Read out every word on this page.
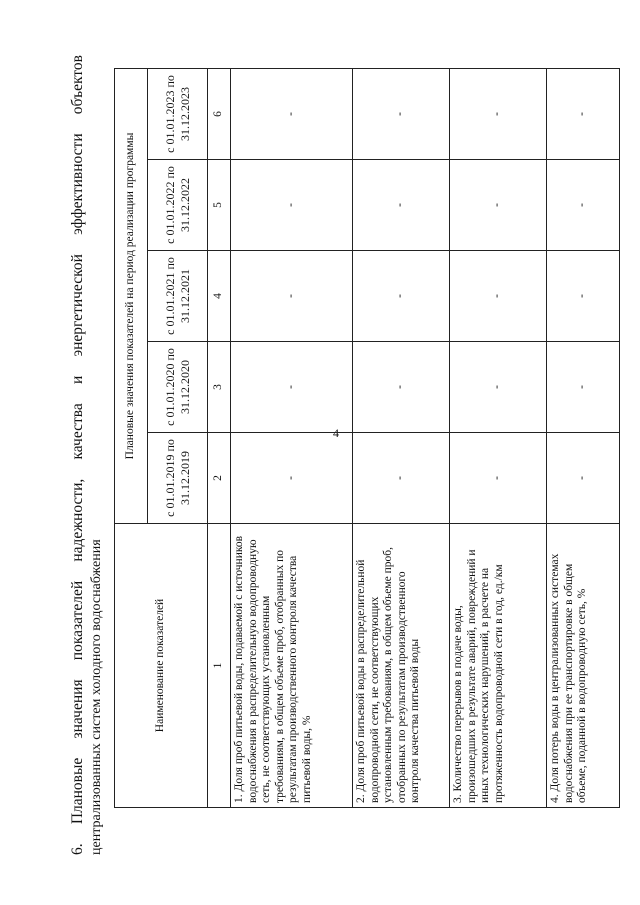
4
6.
Плановые
значения
показателей
надежности,
качества
и
энергетической
эффективности
объектов
централизованных систем холодного водоснабжения	Наименование показателей	Плановые значения показателей на период реализации программы				
	с 01.01.2019 по 31.12.2019	с 01.01.2020 по 31.12.2020	с 01.01.2021 по 31.12.2021	с 01.01.2022 по 31.12.2022	с 01.01.2023 по 31.12.2023
1	2	3	4	5	6
1. Доля проб питьевой воды, подаваемой с источников водоснабжения в распределительную водопроводную сеть, не соответствующих установленным требованиям, в общем объеме проб, отобранных по результатам производственного контроля качества питьевой воды, %	-	-	-	-	-
2. Доля проб питьевой воды в распределительной водопроводной сети, не соответствующих установленным требованиям, в общем объеме проб, отобранных по результатам производственного контроля качества питьевой воды	-	-	-	-	-
3. Количество перерывов в подаче воды, произошедших в результате аварий, повреждений и иных технологических нарушений, в расчете на протяженность водопроводной сети в год, ед./км	-	-	-	-	-
4. Доля потерь воды в централизованных системах водоснабжения при ее транспортировке в общем объеме, поданной в водопроводную сеть, %	-	-	-	-	-
